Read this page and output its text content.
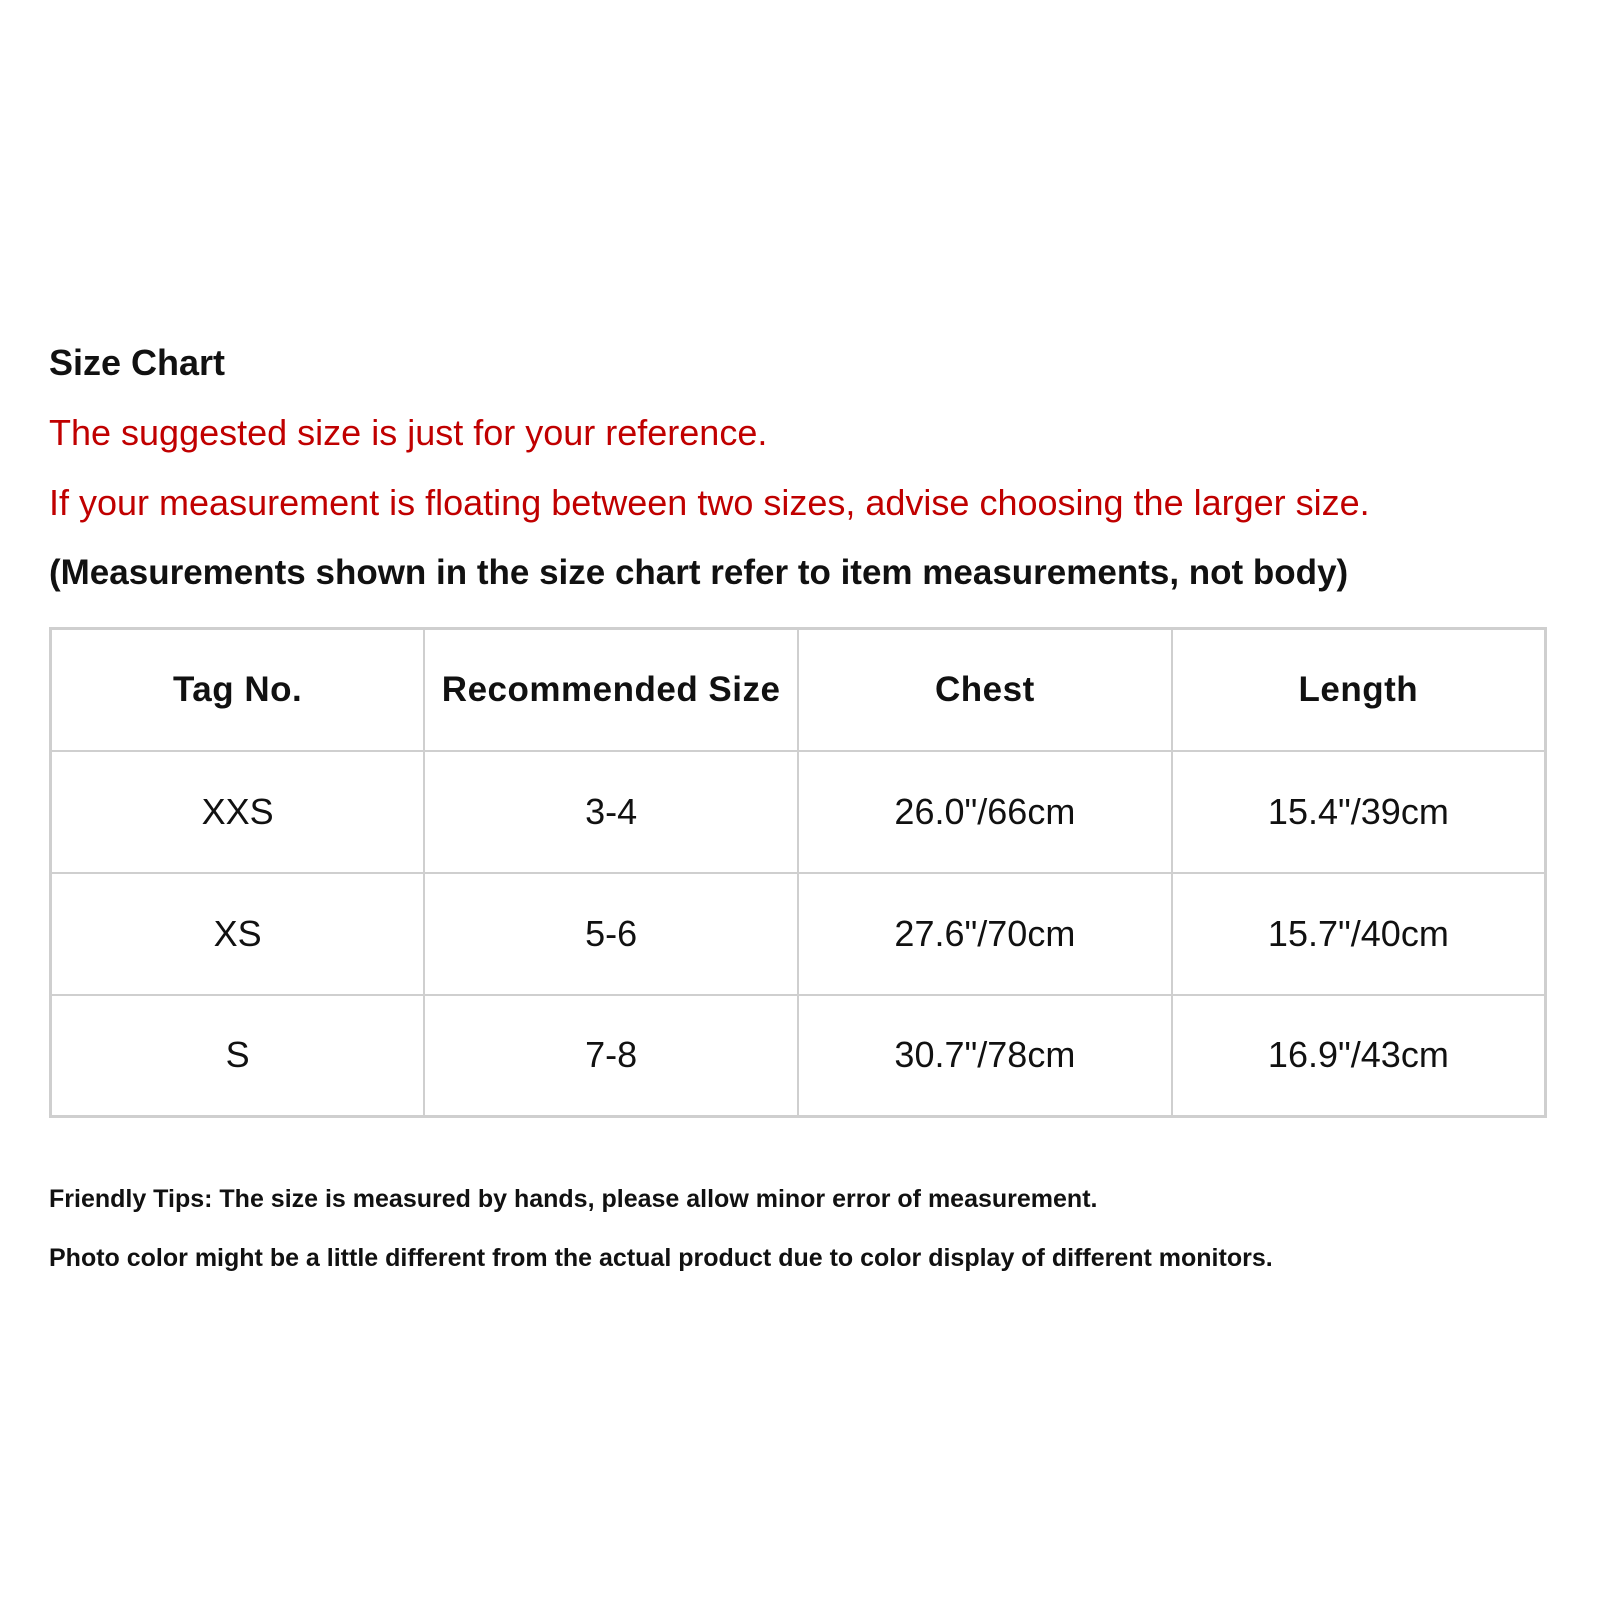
Size Chart
The suggested size is just for your reference.
If your measurement is floating between two sizes, advise choosing the larger size.
(Measurements shown in the size chart refer to item measurements, not body)
Tag No.	Recommended Size	Chest	Length
XXS	3-4	26.0"/66cm	15.4"/39cm
XS	5-6	27.6"/70cm	15.7"/40cm
S	7-8	30.7"/78cm	16.9"/43cm
Friendly Tips: The size is measured by hands, please allow minor error of measurement.
Photo color might be a little different from the actual product due to color display of different monitors.
